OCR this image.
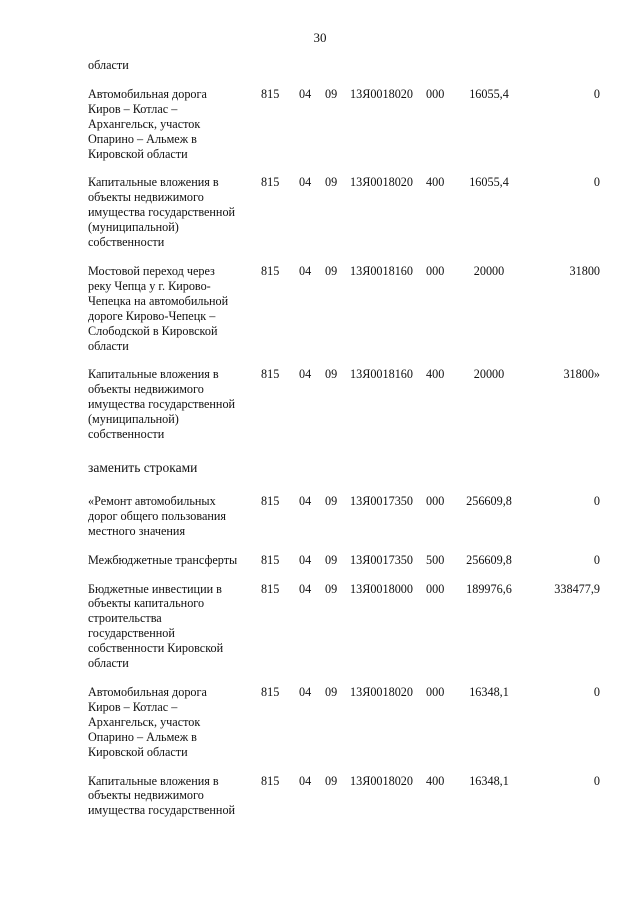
30
области
Автомобильная дорога
Киров – Котлас –
Архангельск, участок
Опарино – Альмеж в
Кировской области
815 04 09 13Я0018020 000	16055,4	0
Капитальные вложения в
объекты недвижимого
имущества государственной
(муниципальной)
собственности
815 04 09 13Я0018020 400	16055,4	0
Мостовой переход через
реку Чепца у г. Кирово-
Чепецка на автомобильной
дороге Кирово-Чепецк –
Слободской в Кировской
области
815 04 09 13Я0018160 000	20000	31800
Капитальные вложения в
объекты недвижимого
имущества государственной
(муниципальной)
собственности
815 04 09 13Я0018160 400	20000	31800»
заменить строками
«Ремонт автомобильных
дорог общего пользования
местного значения
815 04 09 13Я0017350 000	256609,8	0
Межбюджетные трансферты	815 04 09 13Я0017350 500	256609,8	0
Бюджетные инвестиции в
объекты капитального
строительства
государственной
собственности Кировской
области
815 04 09 13Я0018000 000	189976,6	338477,9
Автомобильная дорога
Киров – Котлас –
Архангельск, участок
Опарино – Альмеж в
Кировской области
815 04 09 13Я0018020 000	16348,1	0
Капитальные вложения в
объекты недвижимого
имущества государственной
815 04 09 13Я0018020 400	16348,1	0
